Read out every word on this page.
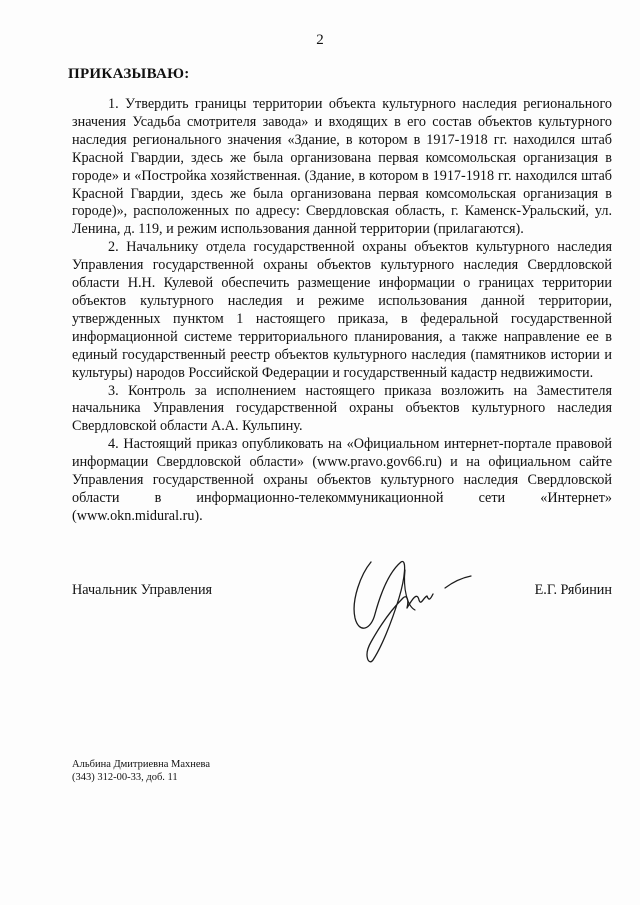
2
ПРИКАЗЫВАЮ:

1. Утвердить границы территории объекта культурного наследия регионального значения Усадьба смотрителя завода» и входящих в его состав объектов культурного наследия регионального значения «Здание, в котором в 1917-1918 гг. находился штаб Красной Гвардии, здесь же была организована первая комсомольская организация в городе» и «Постройка хозяйственная. (Здание, в котором в 1917-1918 гг. находился штаб Красной Гвардии, здесь же была организована первая комсомольская организация в городе)», расположенных по адресу: Свердловская область, г. Каменск-Уральский, ул. Ленина, д. 119, и режим использования данной территории (прилагаются).

2. Начальнику отдела государственной охраны объектов культурного наследия Управления государственной охраны объектов культурного наследия Свердловской области Н.Н. Кулевой обеспечить размещение информации о границах территории объектов культурного наследия и режиме использования данной территории, утвержденных пунктом 1 настоящего приказа, в федеральной государственной информационной системе территориального планирования, а также направление ее в единый государственный реестр объектов культурного наследия (памятников истории и культуры) народов Российской Федерации и государственный кадастр недвижимости.

3. Контроль за исполнением настоящего приказа возложить на Заместителя начальника Управления государственной охраны объектов культурного наследия Свердловской области А.А. Кульпину.

4. Настоящий приказ опубликовать на «Официальном интернет-портале правовой информации Свердловской области» (www.pravo.gov66.ru) и на официальном сайте Управления государственной охраны объектов культурного наследия Свердловской области в информационно-телекоммуникационной сети «Интернет» (www.okn.midural.ru).

Начальник Управления	Е.Г. Рябинин
Альбина Дмитриевна Махнева
(343) 312-00-33, доб. 11
